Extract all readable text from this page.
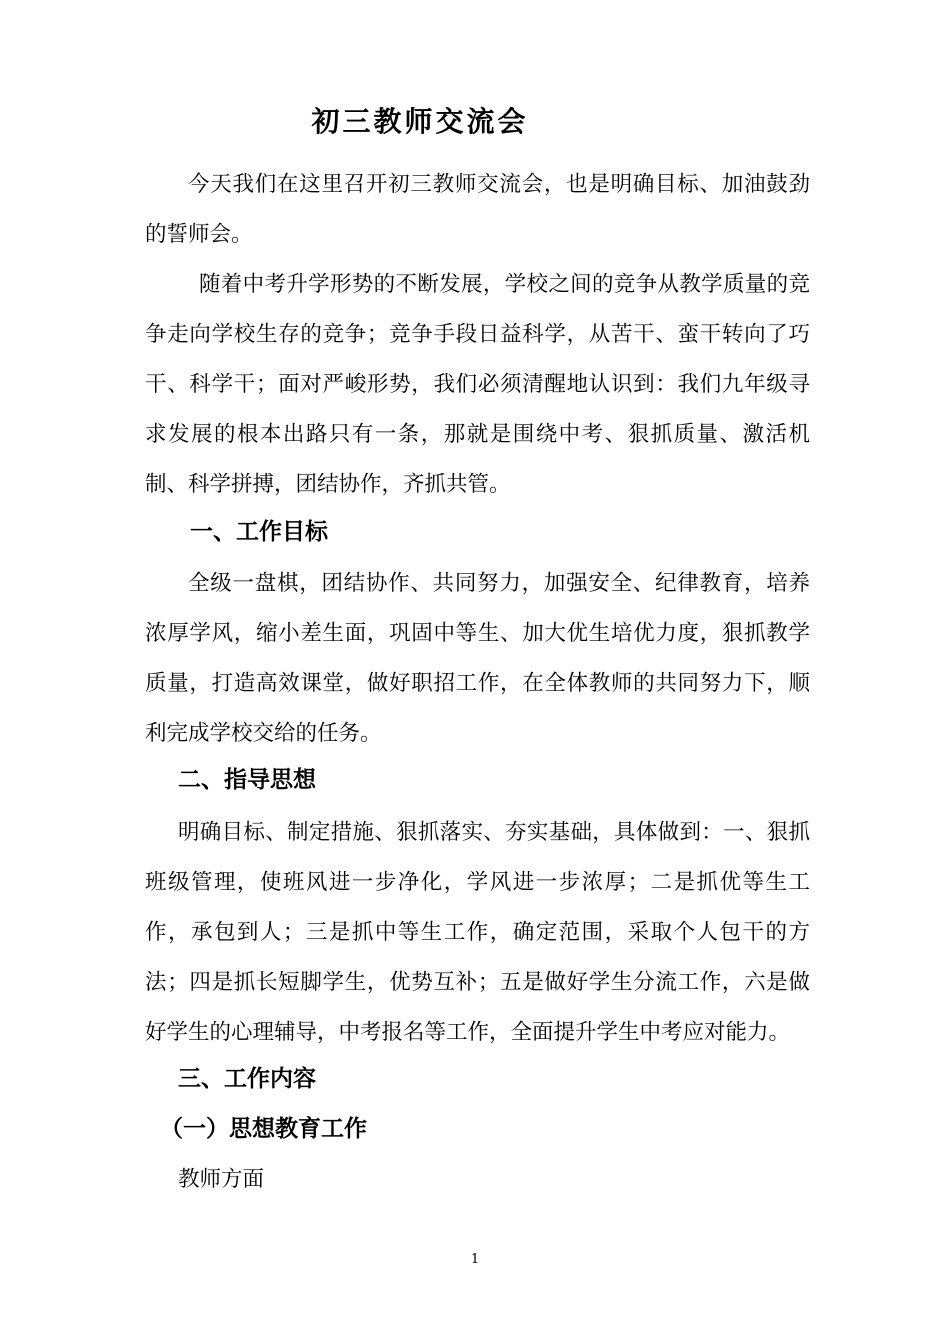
初三教师交流会

今天我们在这里召开初三教师交流会，也是明确目标、加油鼓劲的誓师会。

随着中考升学形势的不断发展，学校之间的竞争从教学质量的竞争走向学校生存的竞争；竞争手段日益科学，从苦干、蛮干转向了巧干、科学干；面对严峻形势，我们必须清醒地认识到：我们九年级寻求发展的根本出路只有一条，那就是围绕中考、狠抓质量、激活机制、科学拼搏，团结协作，齐抓共管。

一、工作目标

全级一盘棋，团结协作、共同努力，加强安全、纪律教育，培养浓厚学风，缩小差生面，巩固中等生、加大优生培优力度，狠抓教学质量，打造高效课堂，做好职招工作，在全体教师的共同努力下，顺利完成学校交给的任务。

二、指导思想

明确目标、制定措施、狠抓落实、夯实基础，具体做到：一、狠抓班级管理，使班风进一步净化，学风进一步浓厚；二是抓优等生工作，承包到人；三是抓中等生工作，确定范围，采取个人包干的方法；四是抓长短脚学生，优势互补；五是做好学生分流工作，六是做好学生的心理辅导，中考报名等工作，全面提升学生中考应对能力。

三、工作内容
（一）思想教育工作

教师方面

1
